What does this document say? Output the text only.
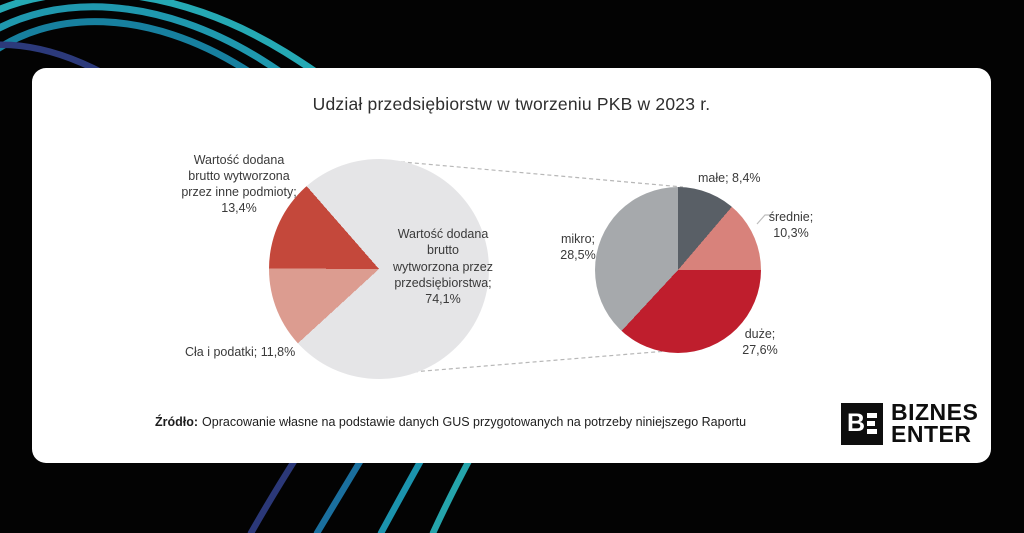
Udział przedsiębiorstw w tworzeniu PKB w 2023 r.
Wartość dodana
brutto wytworzona
przez inne podmioty;
13,4%
Cła i podatki; 11,8%
Wartość dodana
brutto
wytworzona przez
przedsiębiorstwa;
74,1%
małe; 8,4%
średnie;
10,3%
duże;
27,6%
mikro;
28,5%
Źródło: Opracowanie własne na podstawie danych GUS przygotowanych na potrzeby niniejszego Raportu	B BIZNES
ENTER
